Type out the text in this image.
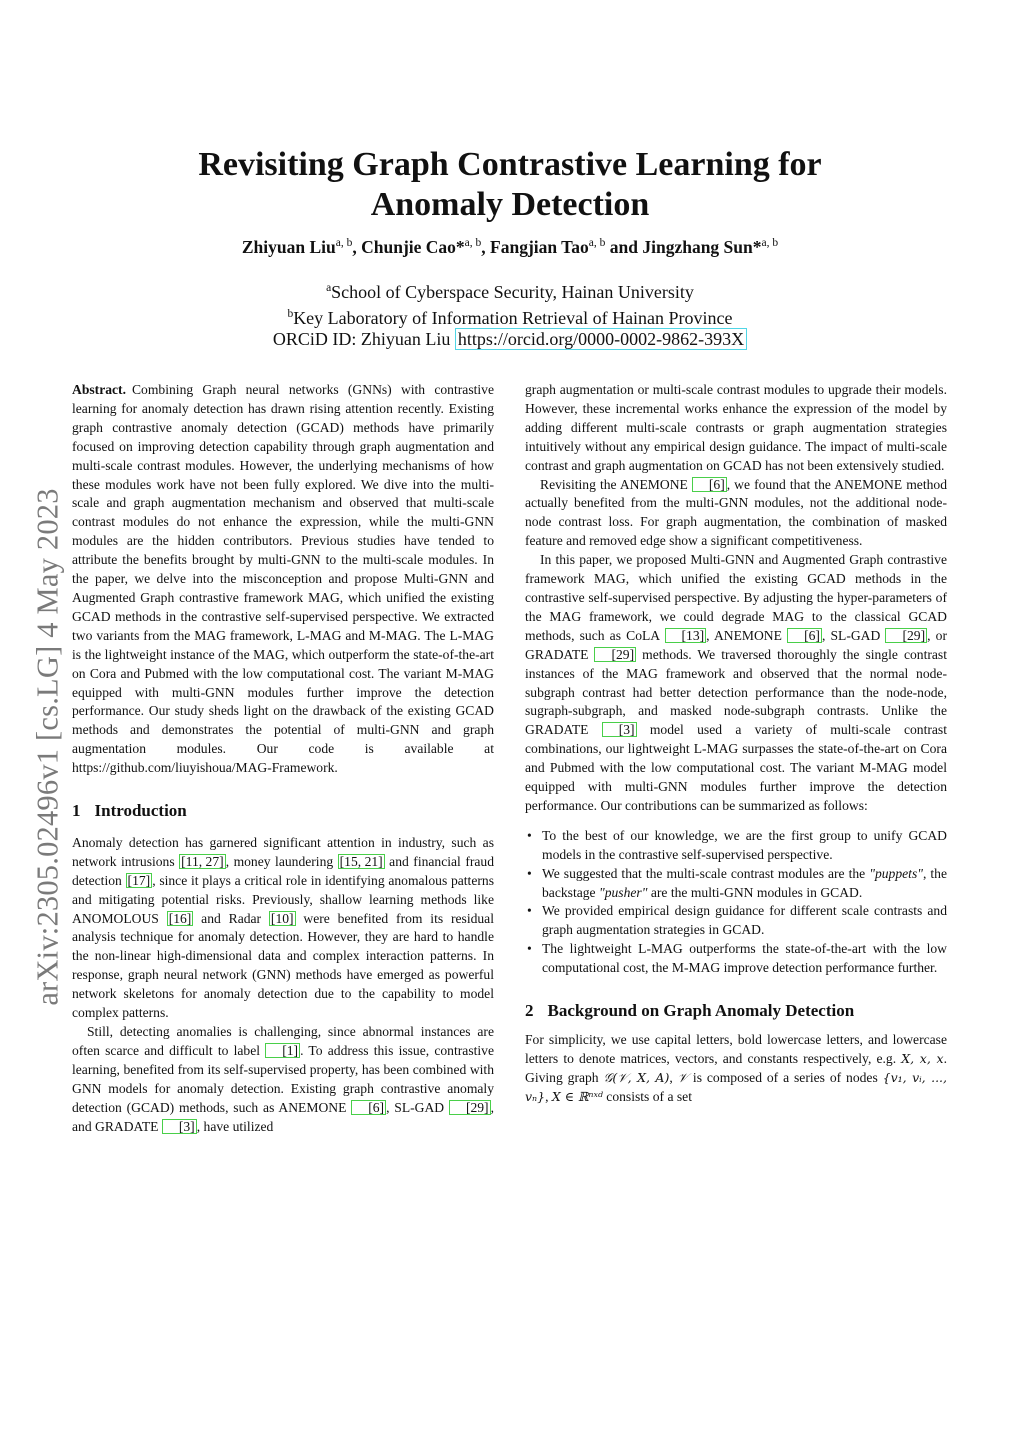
arXiv:2305.02496v1 [cs.LG] 4 May 2023
Revisiting Graph Contrastive Learning for Anomaly Detection
Zhiyuan Liu$^{a, b}$, Chunjie Cao*$^{a, b}$, Fangjian Tao$^{a, b}$ and Jingzhang Sun*$^{a, b}$
$^a$School of Cyberspace Security, Hainan University
$^b$Key Laboratory of Information Retrieval of Hainan Province
ORCiD ID: Zhiyuan Liu https://orcid.org/0000-0002-9862-393X

Abstract. Combining Graph neural networks (GNNs) with contrastive learning for anomaly detection has drawn rising attention recently. Existing graph contrastive anomaly detection (GCAD) methods have primarily focused on improving detection capability through graph augmentation and multi-scale contrast modules. However, the underlying mechanisms of how these modules work have not been fully explored. We dive into the multi-scale and graph augmentation mechanism and observed that multi-scale contrast modules do not enhance the expression, while the multi-GNN modules are the hidden contributors. Previous studies have tended to attribute the benefits brought by multi-GNN to the multi-scale modules. In the paper, we delve into the misconception and propose Multi-GNN and Augmented Graph contrastive framework MAG, which unified the existing GCAD methods in the contrastive self-supervised perspective. We extracted two variants from the MAG framework, L-MAG and M-MAG. The L-MAG is the lightweight instance of the MAG, which outperform the state-of-the-art on Cora and Pubmed with the low computational cost. The variant M-MAG equipped with multi-GNN modules further improve the detection performance. Our study sheds light on the drawback of the existing GCAD methods and demonstrates the potential of multi-GNN and graph augmentation modules. Our code is available at https://github.com/liuyishoua/MAG-Framework.

1 Introduction

Anomaly detection has garnered significant attention in industry, such as network intrusions [11, 27] , money laundering [15, 21] and financial fraud detection [17] , since it plays a critical role in identifying anomalous patterns and mitigating potential risks. Previously, shallow learning methods like ANOMOLOUS [16] and Radar [10] were benefited from its residual analysis technique for anomaly detection. However, they are hard to handle the non-linear high-dimensional data and complex interaction patterns. In response, graph neural network (GNN) methods have emerged as powerful network skeletons for anomaly detection due to the capability to model complex patterns.

Still, detecting anomalies is challenging, since abnormal instances are often scarce and difficult to label [1] . To address this issue, contrastive learning, benefited from its self-supervised property, has been combined with GNN models for anomaly detection. Existing graph contrastive anomaly detection (GCAD) methods, such as ANEMONE [6] , SL-GAD [29] , and GRADATE [3] , have utilized

graph augmentation or multi-scale contrast modules to upgrade their models. However, these incremental works enhance the expression of the model by adding different multi-scale contrasts or graph augmentation strategies intuitively without any empirical design guidance. The impact of multi-scale contrast and graph augmentation on GCAD has not been extensively studied.

Revisiting the ANEMONE [6] , we found that the ANEMONE method actually benefited from the multi-GNN modules, not the additional node-node contrast loss. For graph augmentation, the combination of masked feature and removed edge show a significant competitiveness.

In this paper, we proposed Multi-GNN and Augmented Graph contrastive framework MAG, which unified the existing GCAD methods in the contrastive self-supervised perspective. By adjusting the hyper-parameters of the MAG framework, we could degrade MAG to the classical GCAD methods, such as CoLA [13] , ANEMONE [6] , SL-GAD [29] , or GRADATE [29] methods. We traversed thoroughly the single contrast instances of the MAG framework and observed that the normal node-subgraph contrast had better detection performance than the node-node, sugraph-subgraph, and masked node-subgraph contrasts. Unlike the GRADATE [3] model used a variety of multi-scale contrast combinations, our lightweight L-MAG surpasses the state-of-the-art on Cora and Pubmed with the low computational cost. The variant M-MAG model equipped with multi-GNN modules further improve the detection performance. Our contributions can be summarized as follows:

• To the best of our knowledge, we are the first group to unify GCAD models in the contrastive self-supervised perspective.
• We suggested that the multi-scale contrast modules are the "puppets", the backstage "pusher" are the multi-GNN modules in GCAD.
• We provided empirical design guidance for different scale contrasts and graph augmentation strategies in GCAD.
• The lightweight L-MAG outperforms the state-of-the-art with the low computational cost, the M-MAG improve detection performance further.
2 Background on Graph Anomaly Detection

For simplicity, we use capital letters, bold lowercase letters, and lowercase letters to denote matrices, vectors, and constants respectively, e.g. X, x, x. Giving graph 𝒢(𝒱, X, A), 𝒱 is composed of a series of nodes {v₁, vᵢ, ..., vₙ}, X ∈ ℝⁿˣᵈ consists of a set
